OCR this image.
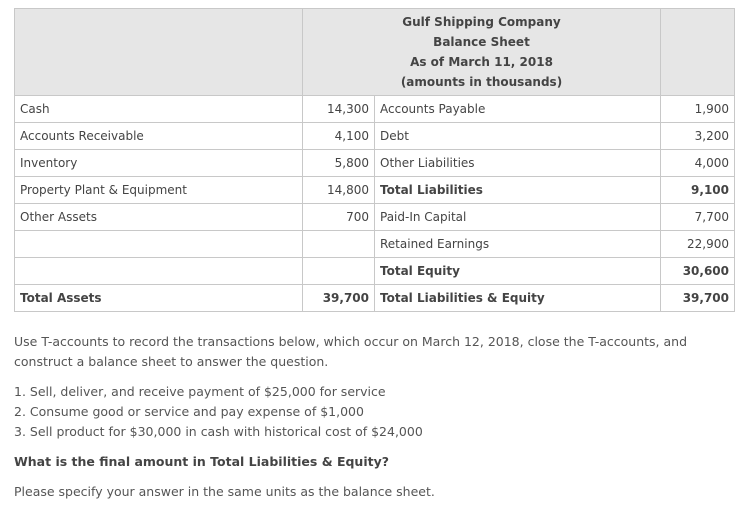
	Gulf Shipping Company
Balance Sheet
As of March 11, 2018
(amounts in thousands)		

Cash	14,300	Accounts Payable	1,900
Accounts Receivable	4,100	Debt	3,200
Inventory	5,800	Other Liabilities	4,000
Property Plant & Equipment	14,800	Total Liabilities	9,100
Other Assets	700	Paid-In Capital	7,700
		Retained Earnings	22,900
		Total Equity	30,600
Total Assets	39,700	Total Liabilities & Equity	39,700

Use T-accounts to record the transactions below, which occur on March 12, 2018, close the T-accounts, and construct a balance sheet to answer the question.

1. Sell, deliver, and receive payment of $25,000 for service
2. Consume good or service and pay expense of $1,000
3. Sell product for $30,000 in cash with historical cost of $24,000

What is the final amount in Total Liabilities & Equity?

Please specify your answer in the same units as the balance sheet.
